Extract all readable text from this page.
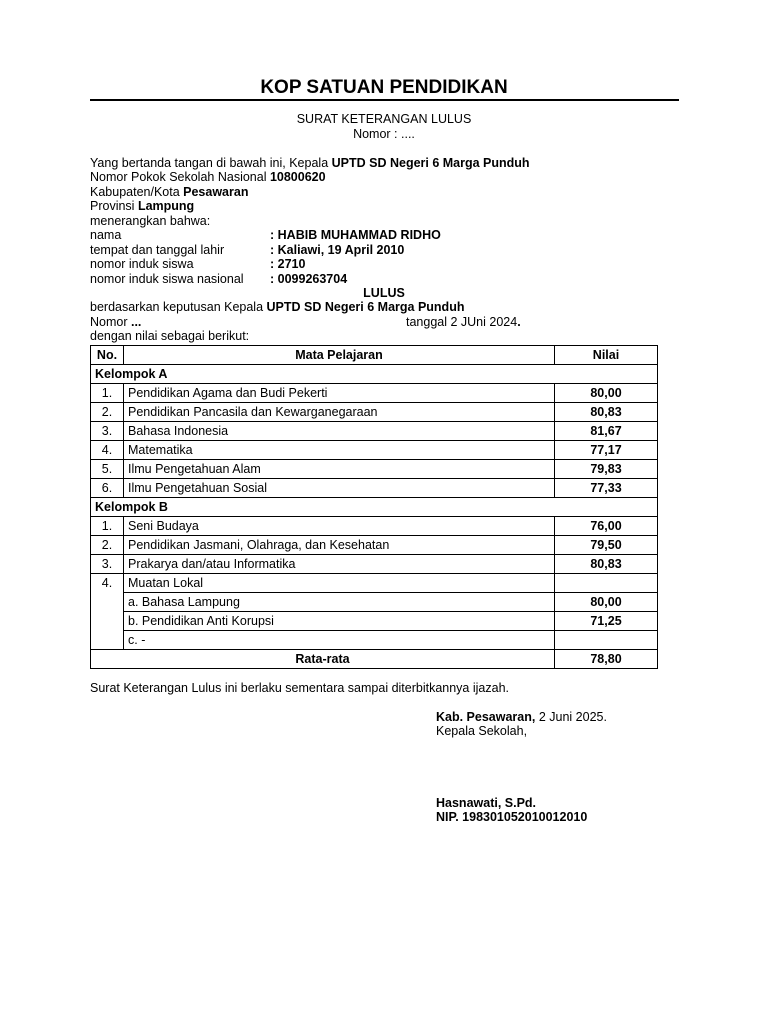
KOP SATUAN PENDIDIKAN
SURAT KETERANGAN LULUS
Nomor : ....
Yang bertanda tangan di bawah ini, Kepala UPTD SD Negeri 6 Marga Punduh
Nomor Pokok Sekolah Nasional 10800620
Kabupaten/Kota Pesawaran
Provinsi Lampung
menerangkan bahwa:
nama	: HABIB MUHAMMAD RIDHO
tempat dan tanggal lahir	: Kaliawi, 19 April 2010
nomor induk siswa	: 2710
nomor induk siswa nasional : 0099263704
LULUS
berdasarkan keputusan Kepala UPTD SD Negeri 6 Marga Punduh
Nomor ...	tanggal 2 JUni 2024.
dengan nilai sebagai berikut:
No.	Mata Pelajaran	Nilai
Kelompok A		
1.	Pendidikan Agama dan Budi Pekerti	80,00
2.	Pendidikan Pancasila dan Kewarganegaraan	80,83
3.	Bahasa Indonesia	81,67
4.	Matematika	77,17
5.	Ilmu Pengetahuan Alam	79,83
6.	Ilmu Pengetahuan Sosial	77,33
Kelompok B		
1.	Seni Budaya	76,00
2.	Pendidikan Jasmani, Olahraga, dan Kesehatan	79,50
3.	Prakarya dan/atau Informatika	80,83
4.	Muatan Lokal	
	a. Bahasa Lampung	80,00
	b. Pendidikan Anti Korupsi	71,25
	c. -	
Rata-rata		78,80
Surat Keterangan Lulus ini berlaku sementara sampai diterbitkannya ijazah.
Kab. Pesawaran, 2 Juni 2025.
Kepala Sekolah,
Hasnawati, S.Pd.
NIP. 198301052010012010
